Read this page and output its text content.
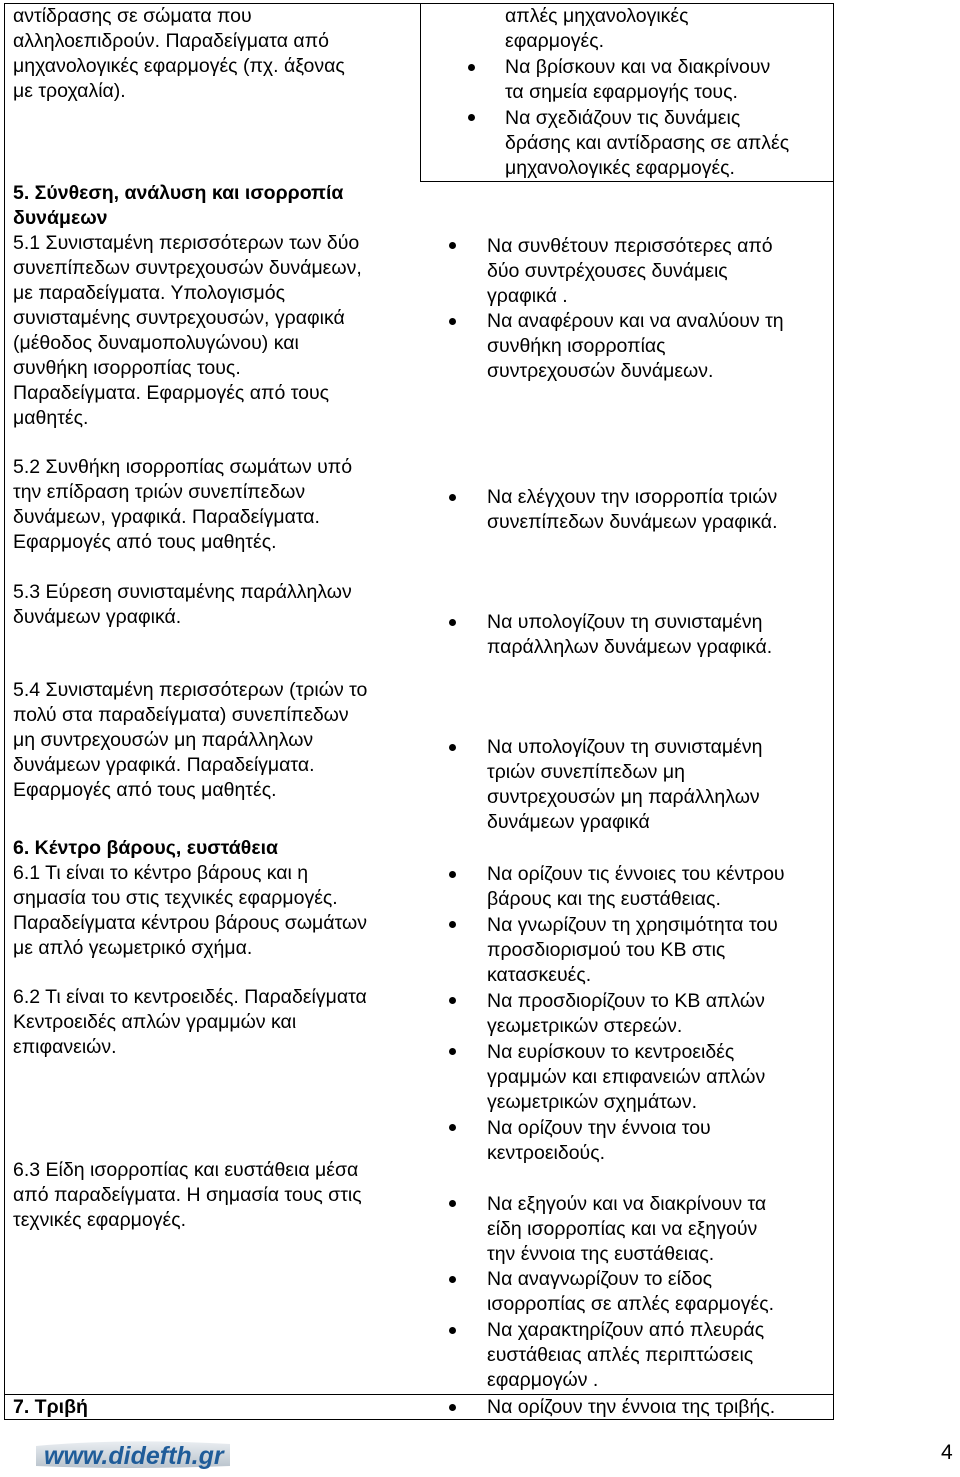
αντίδρασης σε σώματα που
αλληλοεπιδρούν. Παραδείγματα από
μηχανολογικές εφαρμογές (πχ. άξονας
με τροχαλία).
5. Σύνθεση, ανάλυση και ισορροπία
δυνάμεων
5.1 Συνισταμένη περισσότερων των δύο
συνεπίπεδων συντρεχουσών δυνάμεων,
με παραδείγματα. Υπολογισμός
συνισταμένης συντρεχουσών, γραφικά
(μέθοδος δυναμοπολυγώνου) και
συνθήκη ισορροπίας τους.
Παραδείγματα. Εφαρμογές από τους
μαθητές.
5.2 Συνθήκη ισορροπίας σωμάτων υπό
την επίδραση τριών συνεπίπεδων
δυνάμεων, γραφικά. Παραδείγματα.
Εφαρμογές από τους μαθητές.
5.3 Εύρεση συνισταμένης παράλληλων
δυνάμεων γραφικά.
5.4 Συνισταμένη περισσότερων (τριών το
πολύ στα παραδείγματα) συνεπίπεδων
μη συντρεχουσών μη παράλληλων
δυνάμεων γραφικά. Παραδείγματα.
Εφαρμογές από τους μαθητές.
6. Κέντρο βάρους, ευστάθεια
6.1 Τι είναι το κέντρο βάρους και η
σημασία του στις τεχνικές εφαρμογές.
Παραδείγματα κέντρου βάρους σωμάτων
με απλό γεωμετρικό σχήμα.
6.2 Τι είναι το κεντροειδές. Παραδείγματα
Κεντροειδές απλών γραμμών και
επιφανειών.
6.3 Είδη ισορροπίας και ευστάθεια μέσα
από παραδείγματα. Η σημασία τους στις
τεχνικές εφαρμογές.
7. Τριβή
απλές μηχανολογικές
εφαρμογές.
Να βρίσκουν και να διακρίνουν
τα σημεία εφαρμογής τους.
Να σχεδιάζουν τις δυνάμεις
δράσης και αντίδρασης σε απλές
μηχανολογικές εφαρμογές.
Να συνθέτουν περισσότερες από
δύο συντρέχουσες δυνάμεις
γραφικά .
Να αναφέρουν και να αναλύουν τη
συνθήκη ισορροπίας
συντρεχουσών δυνάμεων.
Να ελέγχουν την ισορροπία τριών
συνεπίπεδων δυνάμεων γραφικά.
Να υπολογίζουν τη συνισταμένη
παράλληλων δυνάμεων γραφικά.
Να υπολογίζουν τη συνισταμένη
τριών συνεπίπεδων μη
συντρεχουσών μη παράλληλων
δυνάμεων γραφικά
Να ορίζουν τις έννοιες του κέντρου
βάρους και της ευστάθειας.
Να γνωρίζουν τη χρησιμότητα του
προσδιορισμού του ΚΒ στις
κατασκευές.
Να προσδιορίζουν το ΚΒ απλών
γεωμετρικών στερεών.
Να ευρίσκουν το κεντροειδές
γραμμών και επιφανειών απλών
γεωμετρικών σχημάτων.
Να ορίζουν την έννοια του
κεντροειδούς.
Να εξηγούν και να διακρίνουν τα
είδη ισορροπίας και να εξηγούν
την έννοια της ευστάθειας.
Να αναγνωρίζουν το είδος
ισορροπίας σε απλές εφαρμογές.
Να χαρακτηρίζουν από πλευράς
ευστάθειας απλές περιπτώσεις
εφαρμογών .
Να ορίζουν την έννοια της τριβής.
www.didefth.gr	4
